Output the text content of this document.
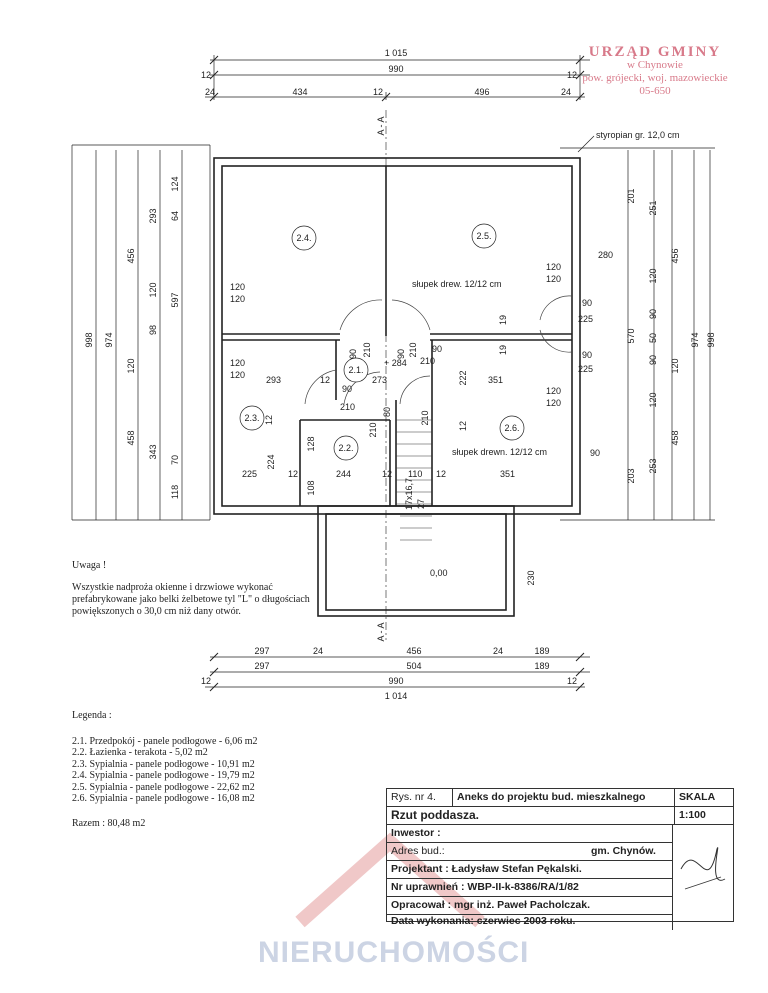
URZĄD GMINY
w Chynowie
pow. grójecki, woj. mazowieckie
05-650
2.4.	2.5.
2.1.
2.3.
2.2.
2.6.
1 015
990
12	12
24	434	12	496	24
297	24	456	24	189
297	504	189
12	990	12
1 014
998 974
456
458
120
293
120
98
343
124
597
64
70
118
201
570
203
251
120
90
50
90
120
253
456
120
458
974 998
280
230
120
120
120
120 293	12	273	351
+ 284
120
120
90
225
90
225
120
120
90
90
210
210
90
90 210	90 210
210
210
80
222
12
19
19
12
224
128
108
225	12	244	12 110 12	351
17x16,7 27
0,00
A - A
A - A
styropian gr. 12,0 cm
słupek drew. 12/12 cm
słupek drewn. 12/12 cm
Uwaga !
Wszystkie nadproża okienne i drzwiowe wykonać prefabrykowane jako belki żelbetowe tyl "L" o długościach powiększonych o 30,0 cm niż dany otwór.
Legenda :
2.1. Przedpokój - panele podłogowe - 6,06 m2
2.2. Łazienka - terakota - 5,02 m2
2.3. Sypialnia - panele podłogowe - 10,91 m2
2.4. Sypialnia - panele podłogowe - 19,79 m2
2.5. Sypialnia - panele podłogowe - 22,62 m2
2.6. Sypialnia - panele podłogowe - 16,08 m2
Razem : 80,48 m2
Rys. nr 4.	Aneks do projektu bud. mieszkalnego	SKALA
Rzut poddasza.	1:100
Inwestor :
Adres bud.:	gm. Chynów.
Projektant : Ładysław Stefan Pękalski.
Nr uprawnień : WBP-II-k-8386/RA/1/82
Opracował : mgr inż. Paweł Pacholczak.
Data wykonania: czerwiec 2003 roku.
NIERUCHOMOŚCI
